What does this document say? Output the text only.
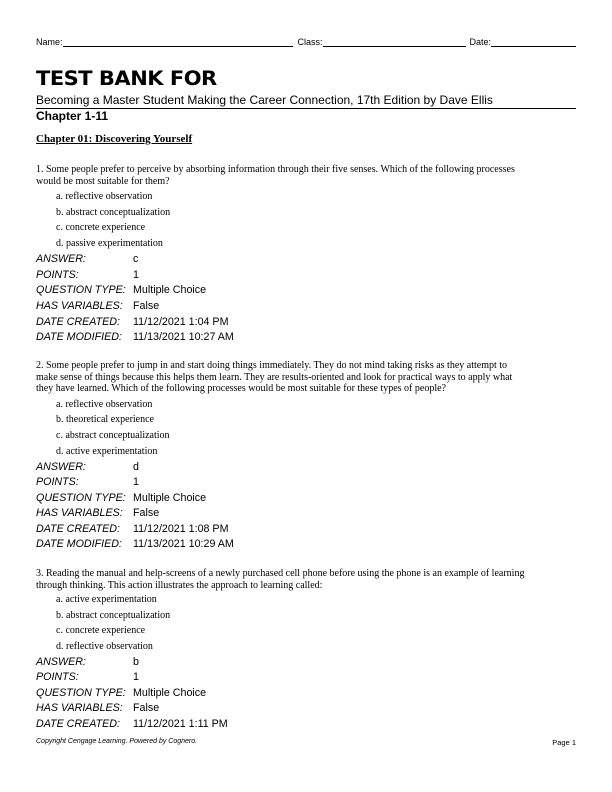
Name:	Class:	Date:
TEST BANK FOR
Becoming a Master Student Making the Career Connection, 17th Edition by Dave Ellis
Chapter 1-11
Chapter 01: Discovering Yourself
1. Some people prefer to perceive by absorbing information through their five senses. Which of the following processes
would be most suitable for them?
a. reflective observation
b. abstract conceptualization
c. concrete experience
d. passive experimentation
ANSWER:	c
POINTS:	1
QUESTION TYPE: Multiple Choice
HAS VARIABLES: False
DATE CREATED:	11/12/2021 1:04 PM
DATE MODIFIED:	11/13/2021 10:27 AM
2. Some people prefer to jump in and start doing things immediately. They do not mind taking risks as they attempt to
make sense of things because this helps them learn. They are results-oriented and look for practical ways to apply what
they have learned. Which of the following processes would be most suitable for these types of people?
a. reflective observation
b. theoretical experience
c. abstract conceptualization
d. active experimentation
ANSWER:	d
POINTS:	1
QUESTION TYPE: Multiple Choice
HAS VARIABLES: False
DATE CREATED:	11/12/2021 1:08 PM
DATE MODIFIED:	11/13/2021 10:29 AM
3. Reading the manual and help-screens of a newly purchased cell phone before using the phone is an example of learning
through thinking. This action illustrates the approach to learning called:
a. active experimentation
b. abstract conceptualization
c. concrete experience
d. reflective observation
ANSWER:	b
POINTS:	1
QUESTION TYPE: Multiple Choice
HAS VARIABLES: False
DATE CREATED:	11/12/2021 1:11 PM
Copyright Cengage Learning. Powered by Cognero.	Page 1
